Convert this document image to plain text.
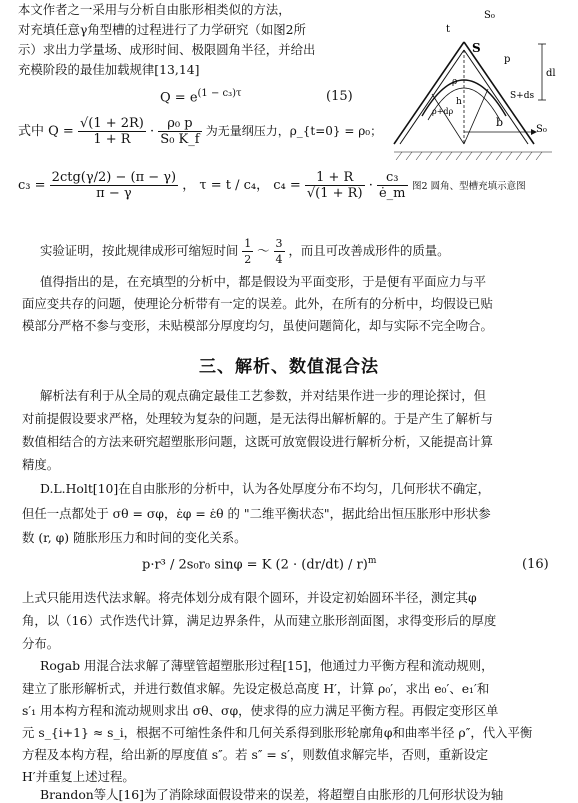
本文作者之一采用与分析自由胀形相类似的方法，
对充填任意γ角型槽的过程进行了力学研究（如图2所
示）求出力学量场、成形时间、极限圆角半径，并给出
充模阶段的最佳加载规律[13,14]
$Q = e^{(1 - c_3)\tau}$	(15)
式中 $Q = \frac{√(1 + 2R)}{1 + R} \cdot \frac{\text{ρ₀ p}}{\text{S₀ K\_f}}$ 为无量纲压力，ρ_{t=0} = ρ₀；
$c_3 = \frac{\text{2ctg(γ/2) − (π − γ)}}{\pi - \gamma}$ ， τ = t / c₄， $c_4 = \frac{1 + R}{√(1 + R)} \cdot \frac{\text{c₃}}{ė\_m}$
S
S₀
t
p
dl
b
S+ds
S₀
ρ
ρ+dρ
h
图2 圆角、型槽充填示意图
实验证明，按此规律成形可缩短时间 $\frac{1}{2}$ ～ $\frac{3}{4}$ ，而且可改善成形件的质量。
值得指出的是，在充填型的分析中，都是假设为平面变形，于是便有平面应力与平
面应变共存的问题，使理论分析带有一定的误差。此外，在所有的分析中，均假设已贴
模部分严格不参与变形，未贴模部分厚度均匀，虽使问题简化，却与实际不完全吻合。
三、解析、数值混合法
解析法有利于从全局的观点确定最佳工艺参数，并对结果作进一步的理论探讨，但
对前提假设要求严格，处理较为复杂的问题，是无法得出解析解的。于是产生了解析与
数值相结合的方法来研究超塑胀形问题，这既可放宽假设进行解析分析，又能提高计算
精度。
D.L.Holt[10]在自由胀形的分析中，认为各处厚度分布不均匀，几何形状不确定，
但任一点都处于 σθ = σφ，ε̇φ = ε̇θ 的 "二维平衡状态"，据此给出恒压胀形中形状参
数 (r, φ) 随胀形压力和时间的变化关系。
p·r³ / 2s₀r₀ sinφ = K $(2 \cdot (dr/dt) / r)^m$	(16)
上式只能用迭代法求解。将壳体划分成有限个圆环，并设定初始圆环半径，测定其φ
角，以（16）式作迭代计算，满足边界条件，从而建立胀形剖面图，求得变形后的厚度
分布。
Rogab 用混合法求解了薄壁管超塑胀形过程[15]，他通过力平衡方程和流动规则，
建立了胀形解析式，并进行数值求解。先设定极总高度 H′，计算 ρ₀′，求出 e₀′、e₁′和
s′₁ 用本构方程和流动规则求出 σθ、σφ，使求得的应力满足平衡方程。再假定变形区单
元 s_{i+1} ≈ s_i，根据不可缩性条件和几何关系得到胀形轮廓角φ和曲率半径 ρ″，代入平衡
方程及本构方程，给出新的厚度值 s″。若 s″ = s′，则数值求解完毕，否则，重新设定
H′并重复上述过程。
Brandon等人[16]为了消除球面假设带来的误差，将超塑自由胀形的几何形状设为轴
